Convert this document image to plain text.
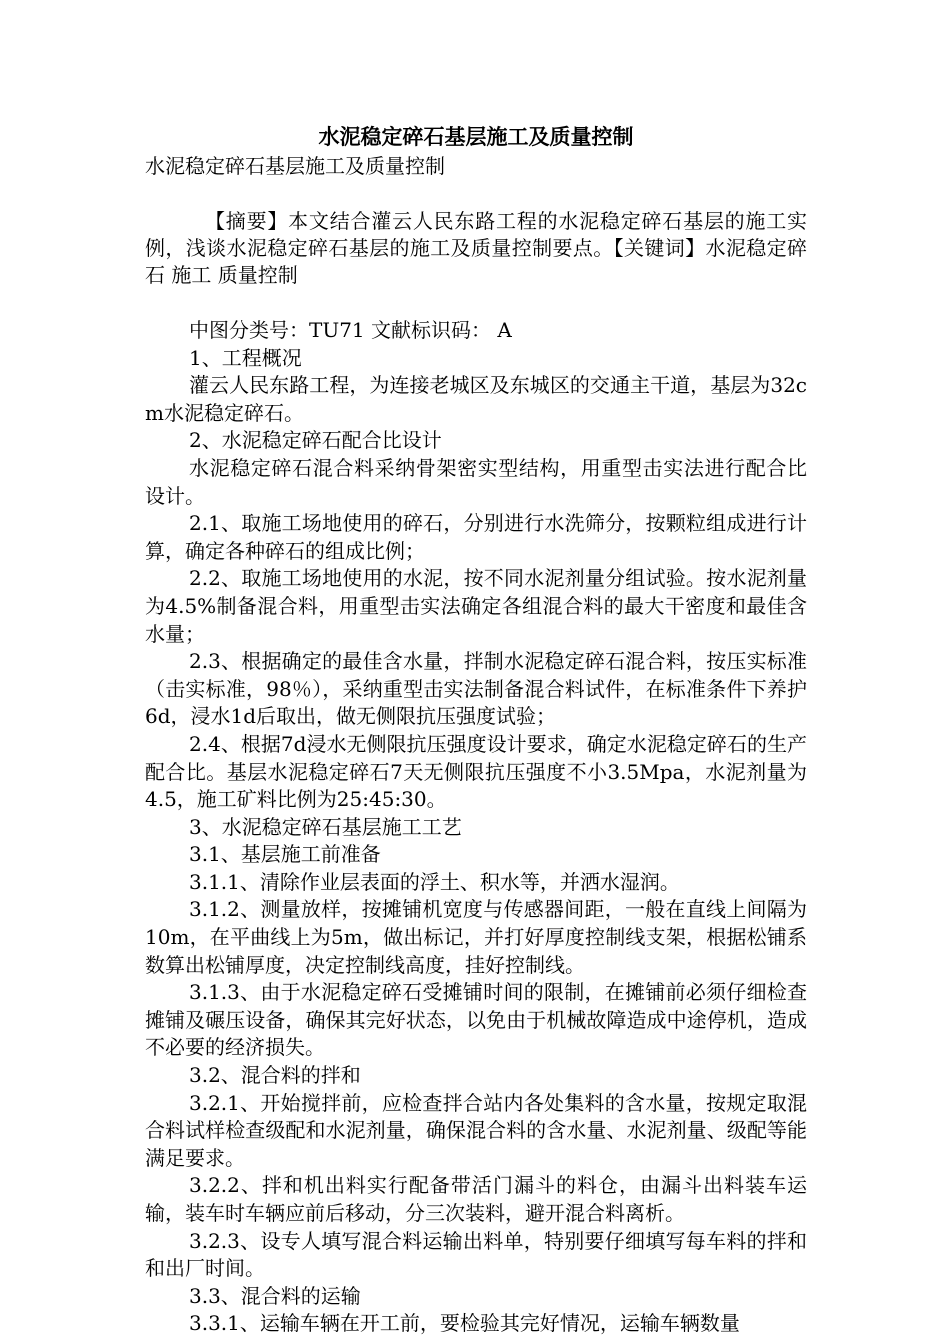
水泥稳定碎石基层施工及质量控制

水泥稳定碎石基层施工及质量控制

【摘要】本文结合灌云人民东路工程的水泥稳定碎石基层的施工实例，浅谈水泥稳定碎石基层的施工及质量控制要点。【关键词】水泥稳定碎石 施工 质量控制

中图分类号：TU71 文献标识码： A

1、工程概况

灌云人民东路工程，为连接老城区及东城区的交通主干道，基层为32cm水泥稳定碎石。

2、水泥稳定碎石配合比设计

水泥稳定碎石混合料采纳骨架密实型结构，用重型击实法进行配合比设计。

2.1、取施工场地使用的碎石，分别进行水洗筛分，按颗粒组成进行计算，确定各种碎石的组成比例；

2.2、取施工场地使用的水泥，按不同水泥剂量分组试验。按水泥剂量为4.5%制备混合料，用重型击实法确定各组混合料的最大干密度和最佳含水量；

2.3、根据确定的最佳含水量，拌制水泥稳定碎石混合料，按压实标准（击实标准，98％），采纳重型击实法制备混合料试件，在标准条件下养护6d，浸水1d后取出，做无侧限抗压强度试验；

2.4、根据7d浸水无侧限抗压强度设计要求，确定水泥稳定碎石的生产配合比。基层水泥稳定碎石7天无侧限抗压强度不小3.5Mpa，水泥剂量为4.5，施工矿料比例为25:45:30。

3、水泥稳定碎石基层施工工艺

3.1、基层施工前准备

3.1.1、清除作业层表面的浮土、积水等，并洒水湿润。

3.1.2、测量放样，按摊铺机宽度与传感器间距，一般在直线上间隔为10m，在平曲线上为5m，做出标记，并打好厚度控制线支架，根据松铺系数算出松铺厚度，决定控制线高度，挂好控制线。

3.1.3、由于水泥稳定碎石受摊铺时间的限制，在摊铺前必须仔细检查摊铺及碾压设备，确保其完好状态，以免由于机械故障造成中途停机，造成不必要的经济损失。

3.2、混合料的拌和

3.2.1、开始搅拌前，应检查拌合站内各处集料的含水量，按规定取混合料试样检查级配和水泥剂量，确保混合料的含水量、水泥剂量、级配等能满足要求。

3.2.2、拌和机出料实行配备带活门漏斗的料仓，由漏斗出料装车运输，装车时车辆应前后移动，分三次装料，避开混合料离析。

3.2.3、设专人填写混合料运输出料单，特别要仔细填写每车料的拌和和出厂时间。

3.3、混合料的运输

3.3.1、运输车辆在开工前，要检验其完好情况，运输车辆数量
